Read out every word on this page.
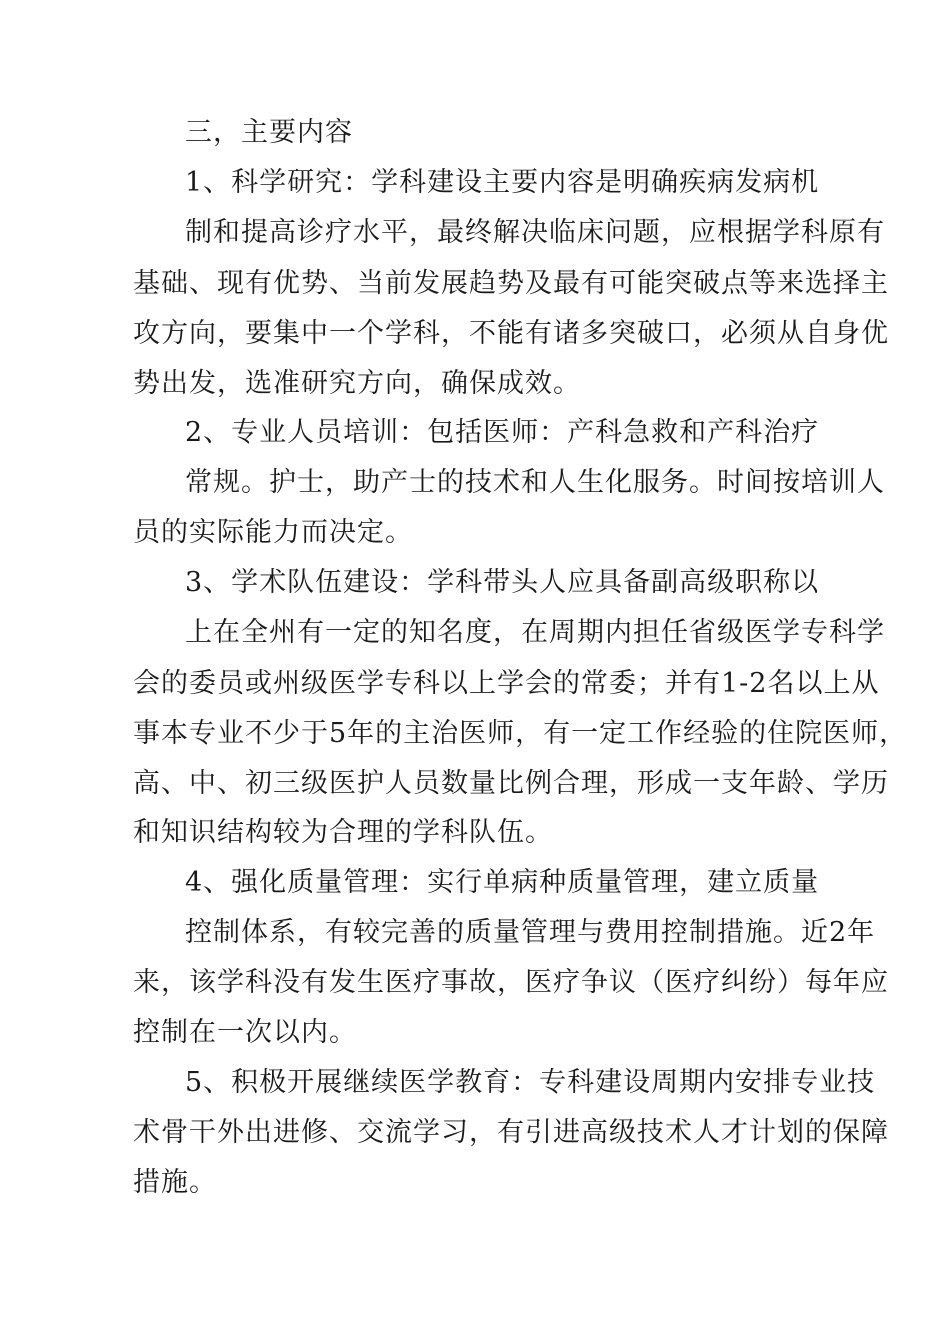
三，主要内容
1、科学研究：学科建设主要内容是明确疾病发病机
制和提高诊疗水平，最终解决临床问题，应根据学科原有
基础、现有优势、当前发展趋势及最有可能突破点等来选择主
攻方向，要集中一个学科，不能有诸多突破口，必须从自身优
势出发，选准研究方向，确保成效。
2、专业人员培训：包括医师：产科急救和产科治疗
常规。护士，助产士的技术和人生化服务。时间按培训人
员的实际能力而决定。
3、学术队伍建设：学科带头人应具备副高级职称以
上在全州有一定的知名度，在周期内担任省级医学专科学
会的委员或州级医学专科以上学会的常委；并有1-2名以上从
事本专业不少于5年的主治医师，有一定工作经验的住院医师，
高、中、初三级医护人员数量比例合理，形成一支年龄、学历
和知识结构较为合理的学科队伍。
4、强化质量管理：实行单病种质量管理，建立质量
控制体系，有较完善的质量管理与费用控制措施。近2年
来，该学科没有发生医疗事故，医疗争议（医疗纠纷）每年应
控制在一次以内。
5、积极开展继续医学教育：专科建设周期内安排专业技
术骨干外出进修、交流学习，有引进高级技术人才计划的保障
措施。
